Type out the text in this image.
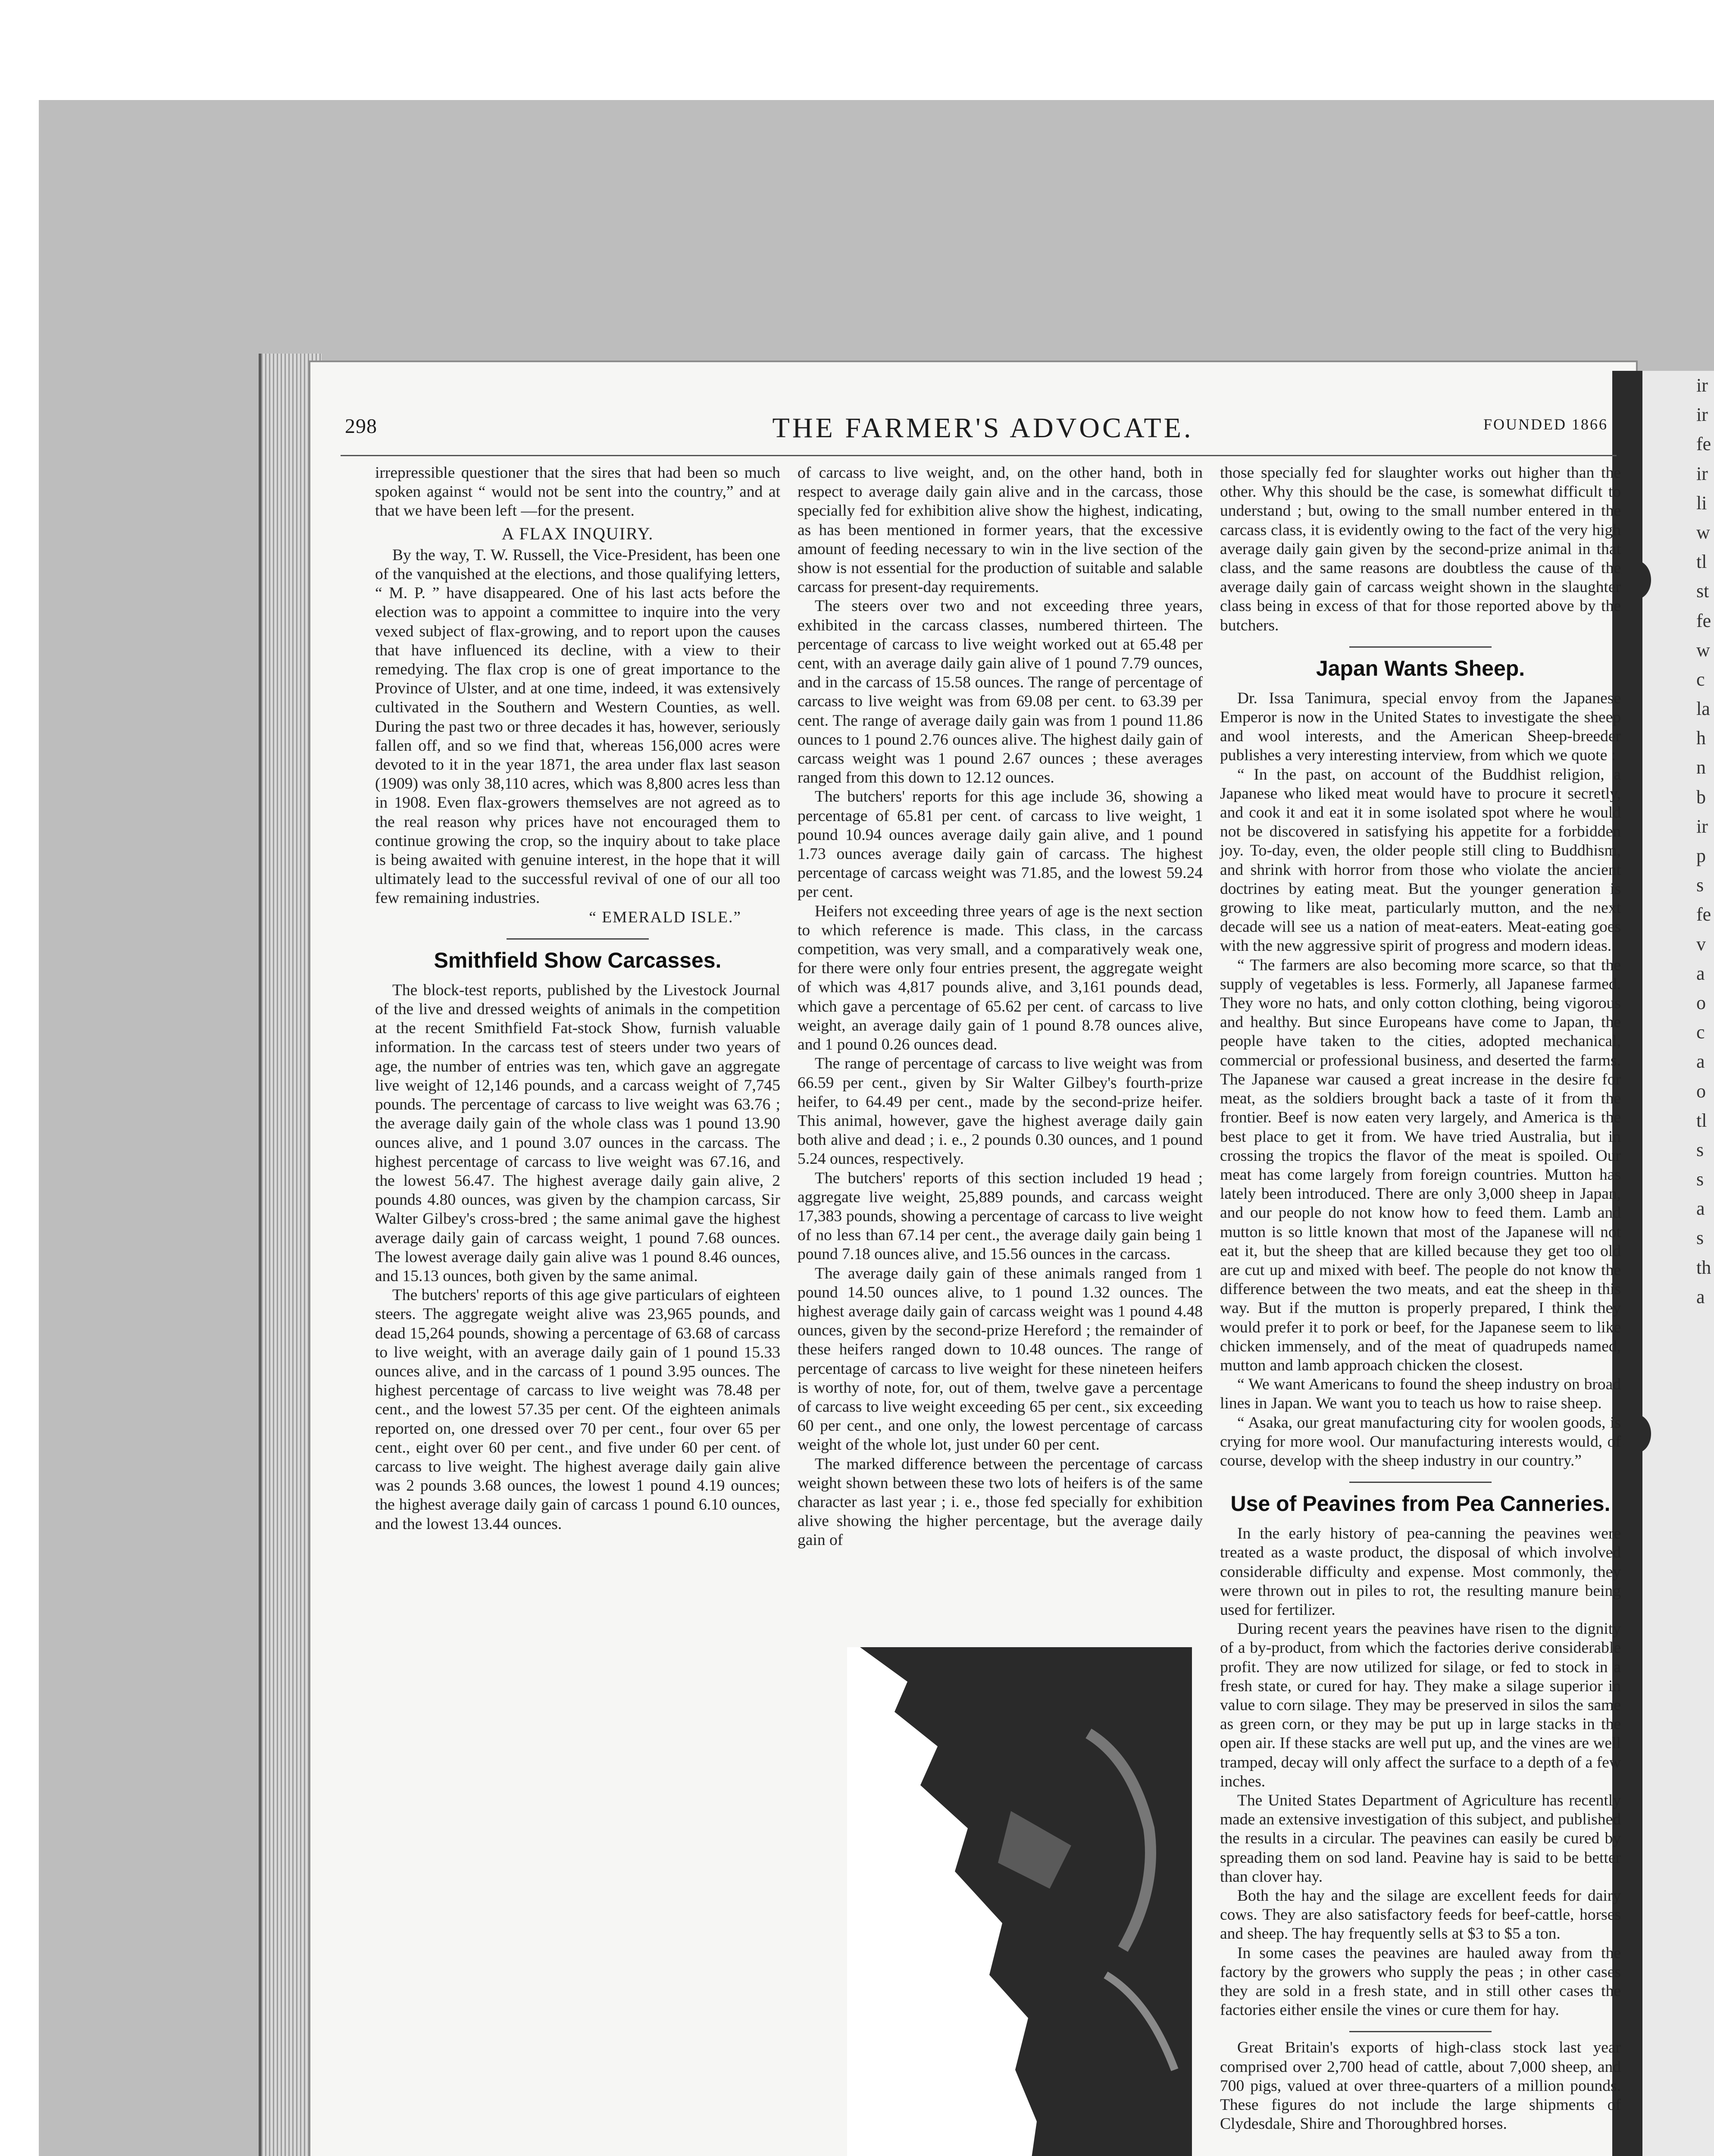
ir
ir
fe
ir
li
w
tl
st
fe
w
c
la
h
n
b
ir
p
s
fe
v
a
o
c
a
o
tl
s
s
a
s
th
a
298	THE FARMER'S ADVOCATE.	FOUNDED 1866

irrepressible questioner that the sires that had been so much spoken against “ would not be sent into the country,” and at that we have been left —for the present.

A FLAX INQUIRY.

By the way, T. W. Russell, the Vice-President, has been one of the vanquished at the elections, and those qualifying letters, “ M. P. ” have disappeared. One of his last acts before the election was to appoint a committee to inquire into the very vexed subject of flax-growing, and to report upon the causes that have influenced its decline, with a view to their remedying. The flax crop is one of great importance to the Province of Ulster, and at one time, indeed, it was extensively cultivated in the Southern and Western Counties, as well. During the past two or three decades it has, however, seriously fallen off, and so we find that, whereas 156,000 acres were devoted to it in the year 1871, the area under flax last season (1909) was only 38,110 acres, which was 8,800 acres less than in 1908. Even flax-growers themselves are not agreed as to the real reason why prices have not encouraged them to continue growing the crop, so the inquiry about to take place is being awaited with genuine interest, in the hope that it will ultimately lead to the successful revival of one of our all too few remaining industries.

“ EMERALD ISLE.”

Smithfield Show Carcasses.

The block-test reports, published by the Livestock Journal of the live and dressed weights of animals in the competition at the recent Smithfield Fat-stock Show, furnish valuable information. In the carcass test of steers under two years of age, the number of entries was ten, which gave an aggregate live weight of 12,146 pounds, and a carcass weight of 7,745 pounds. The percentage of carcass to live weight was 63.76 ; the average daily gain of the whole class was 1 pound 13.90 ounces alive, and 1 pound 3.07 ounces in the carcass. The highest percentage of carcass to live weight was 67.16, and the lowest 56.47. The highest average daily gain alive, 2 pounds 4.80 ounces, was given by the champion carcass, Sir Walter Gilbey's cross-bred ; the same animal gave the highest average daily gain of carcass weight, 1 pound 7.68 ounces. The lowest average daily gain alive was 1 pound 8.46 ounces, and 15.13 ounces, both given by the same animal.

The butchers' reports of this age give particulars of eighteen steers. The aggregate weight alive was 23,965 pounds, and dead 15,264 pounds, showing a percentage of 63.68 of carcass to live weight, with an average daily gain of 1 pound 15.33 ounces alive, and in the carcass of 1 pound 3.95 ounces. The highest percentage of carcass to live weight was 78.48 per cent., and the lowest 57.35 per cent. Of the eighteen animals reported on, one dressed over 70 per cent., four over 65 per cent., eight over 60 per cent., and five under 60 per cent. of carcass to live weight. The highest average daily gain alive was 2 pounds 3.68 ounces, the lowest 1 pound 4.19 ounces; the highest average daily gain of carcass 1 pound 6.10 ounces, and the lowest 13.44 ounces.

of carcass to live weight, and, on the other hand, both in respect to average daily gain alive and in the carcass, those specially fed for exhibition alive show the highest, indicating, as has been mentioned in former years, that the excessive amount of feeding necessary to win in the live section of the show is not essential for the production of suitable and salable carcass for present-day requirements.

The steers over two and not exceeding three years, exhibited in the carcass classes, numbered thirteen. The percentage of carcass to live weight worked out at 65.48 per cent, with an average daily gain alive of 1 pound 7.79 ounces, and in the carcass of 15.58 ounces. The range of percentage of carcass to live weight was from 69.08 per cent. to 63.39 per cent. The range of average daily gain was from 1 pound 11.86 ounces to 1 pound 2.76 ounces alive. The highest daily gain of carcass weight was 1 pound 2.67 ounces ; these averages ranged from this down to 12.12 ounces.

The butchers' reports for this age include 36, showing a percentage of 65.81 per cent. of carcass to live weight, 1 pound 10.94 ounces average daily gain alive, and 1 pound 1.73 ounces average daily gain of carcass. The highest percentage of carcass weight was 71.85, and the lowest 59.24 per cent.

Heifers not exceeding three years of age is the next section to which reference is made. This class, in the carcass competition, was very small, and a comparatively weak one, for there were only four entries present, the aggregate weight of which was 4,817 pounds alive, and 3,161 pounds dead, which gave a percentage of 65.62 per cent. of carcass to live weight, an average daily gain of 1 pound 8.78 ounces alive, and 1 pound 0.26 ounces dead.

The range of percentage of carcass to live weight was from 66.59 per cent., given by Sir Walter Gilbey's fourth-prize heifer, to 64.49 per cent., made by the second-prize heifer. This animal, however, gave the highest average daily gain both alive and dead ; i. e., 2 pounds 0.30 ounces, and 1 pound 5.24 ounces, respectively.

The butchers' reports of this section included 19 head ; aggregate live weight, 25,889 pounds, and carcass weight 17,383 pounds, showing a percentage of carcass to live weight of no less than 67.14 per cent., the average daily gain being 1 pound 7.18 ounces alive, and 15.56 ounces in the carcass.

The average daily gain of these animals ranged from 1 pound 14.50 ounces alive, to 1 pound 1.32 ounces. The highest average daily gain of carcass weight was 1 pound 4.48 ounces, given by the second-prize Hereford ; the remainder of these heifers ranged down to 10.48 ounces. The range of percentage of carcass to live weight for these nineteen heifers is worthy of note, for, out of them, twelve gave a percentage of carcass to live weight exceeding 65 per cent., six exceeding 60 per cent., and one only, the lowest percentage of carcass weight of the whole lot, just under 60 per cent.

The marked difference between the percentage of carcass weight shown between these two lots of heifers is of the same character as last year ; i. e., those fed specially for exhibition alive showing the higher percentage, but the average daily gain of

those specially fed for slaughter works out higher than the other. Why this should be the case, is somewhat difficult to understand ; but, owing to the small number entered in the carcass class, it is evidently owing to the fact of the very high average daily gain given by the second-prize animal in that class, and the same reasons are doubtless the cause of the average daily gain of carcass weight shown in the slaughter class being in excess of that for those reported above by the butchers.

Japan Wants Sheep.

Dr. Issa Tanimura, special envoy from the Japanese Emperor is now in the United States to investigate the sheep and wool interests, and the American Sheep-breeder publishes a very interesting interview, from which we quote :

“ In the past, on account of the Buddhist religion, a Japanese who liked meat would have to procure it secretly, and cook it and eat it in some isolated spot where he would not be discovered in satisfying his appetite for a forbidden joy. To-day, even, the older people still cling to Buddhism, and shrink with horror from those who violate the ancient doctrines by eating meat. But the younger generation is growing to like meat, particularly mutton, and the next decade will see us a nation of meat-eaters. Meat-eating goes with the new aggressive spirit of progress and modern ideas.

“ The farmers are also becoming more scarce, so that the supply of vegetables is less. Formerly, all Japanese farmed. They wore no hats, and only cotton clothing, being vigorous and healthy. But since Europeans have come to Japan, the people have taken to the cities, adopted mechanical, commercial or professional business, and deserted the farms. The Japanese war caused a great increase in the desire for meat, as the soldiers brought back a taste of it from the frontier. Beef is now eaten very largely, and America is the best place to get it from. We have tried Australia, but in crossing the tropics the flavor of the meat is spoiled. Our meat has come largely from foreign countries. Mutton has lately been introduced. There are only 3,000 sheep in Japan, and our people do not know how to feed them. Lamb and mutton is so little known that most of the Japanese will not eat it, but the sheep that are killed because they get too old are cut up and mixed with beef. The people do not know the difference between the two meats, and eat the sheep in this way. But if the mutton is properly prepared, I think they would prefer it to pork or beef, for the Japanese seem to like chicken immensely, and of the meat of quadrupeds named, mutton and lamb approach chicken the closest.

“ We want Americans to found the sheep industry on broad lines in Japan. We want you to teach us how to raise sheep.

“ Asaka, our great manufacturing city for woolen goods, is crying for more wool. Our manufacturing interests would, of course, develop with the sheep industry in our country.”

Use of Peavines from Pea Canneries.

In the early history of pea-canning the peavines were treated as a waste product, the disposal of which involved considerable difficulty and expense. Most commonly, they were thrown out in piles to rot, the resulting manure being used for fertilizer.

During recent years the peavines have risen to the dignity of a by-product, from which the factories derive considerable profit. They are now utilized for silage, or fed to stock in a fresh state, or cured for hay. They make a silage superior in value to corn silage. They may be preserved in silos the same as green corn, or they may be put up in large stacks in the open air. If these stacks are well put up, and the vines are well tramped, decay will only affect the surface to a depth of a few inches.

The United States Department of Agriculture has recently made an extensive investigation of this subject, and published the results in a circular. The peavines can easily be cured by spreading them on sod land. Peavine hay is said to be better than clover hay.

Both the hay and the silage are excellent feeds for dairy cows. They are also satisfactory feeds for beef-cattle, horses and sheep. The hay frequently sells at $3 to $5 a ton.

In some cases the peavines are hauled away from the factory by the growers who supply the peas ; in other cases they are sold in a fresh state, and in still other cases the factories either ensile the vines or cure them for hay.

Great Britain's exports of high-class stock last year comprised over 2,700 head of cattle, about 7,000 sheep, and 700 pigs, valued at over three-quarters of a million pounds. These figures do not include the large shipments of Clydesdale, Shire and Thoroughbred horses.
